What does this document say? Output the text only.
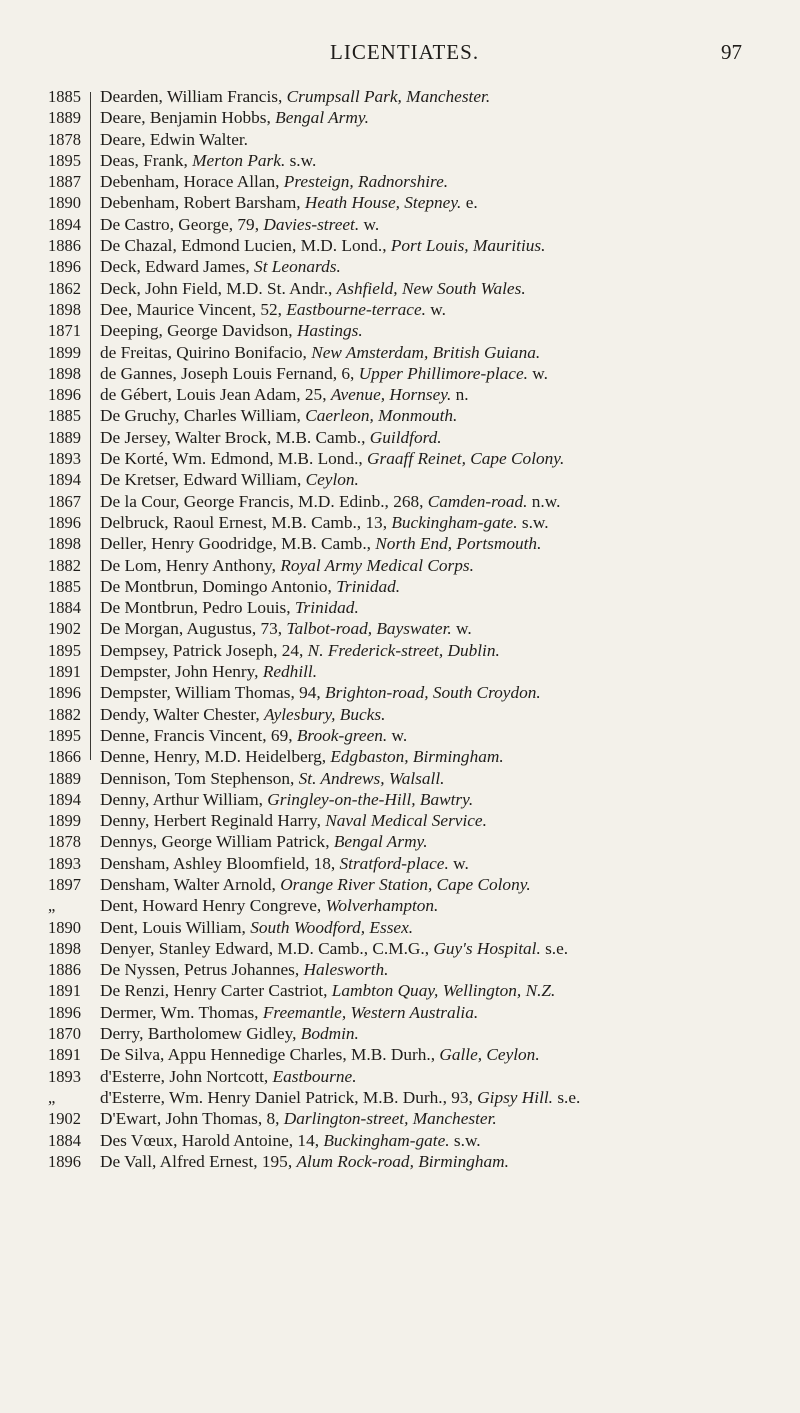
LICENTIATES.	97
1885 Dearden, William Francis, Crumpsall Park, Manchester.
1889 Deare, Benjamin Hobbs, Bengal Army.
1878 Deare, Edwin Walter.
1895 Deas, Frank, Merton Park. s.w.
1887 Debenham, Horace Allan, Presteign, Radnorshire.
1890 Debenham, Robert Barsham, Heath House, Stepney. e.
1894 De Castro, George, 79, Davies-street. w.
1886 De Chazal, Edmond Lucien, M.D. Lond., Port Louis, Mauritius.
1896 Deck, Edward James, St Leonards.
1862 Deck, John Field, M.D. St. Andr., Ashfield, New South Wales.
1898 Dee, Maurice Vincent, 52, Eastbourne-terrace. w.
1871 Deeping, George Davidson, Hastings.
1899 de Freitas, Quirino Bonifacio, New Amsterdam, British Guiana.
1898 de Gannes, Joseph Louis Fernand, 6, Upper Phillimore-place. w.
1896 de Gébert, Louis Jean Adam, 25, Avenue, Hornsey. n.
1885 De Gruchy, Charles William, Caerleon, Monmouth.
1889 De Jersey, Walter Brock, M.B. Camb., Guildford.
1893 De Korté, Wm. Edmond, M.B. Lond., Graaff Reinet, Cape Colony.
1894 De Kretser, Edward William, Ceylon.
1867 De la Cour, George Francis, M.D. Edinb., 268, Camden-road. n.w.
1896 Delbruck, Raoul Ernest, M.B. Camb., 13, Buckingham-gate. s.w.
1898 Deller, Henry Goodridge, M.B. Camb., North End, Portsmouth.
1882 De Lom, Henry Anthony, Royal Army Medical Corps.
1885 De Montbrun, Domingo Antonio, Trinidad.
1884 De Montbrun, Pedro Louis, Trinidad.
1902 De Morgan, Augustus, 73, Talbot-road, Bayswater. w.
1895 Dempsey, Patrick Joseph, 24, N. Frederick-street, Dublin.
1891 Dempster, John Henry, Redhill.
1896 Dempster, William Thomas, 94, Brighton-road, South Croydon.
1882 Dendy, Walter Chester, Aylesbury, Bucks.
1895 Denne, Francis Vincent, 69, Brook-green. w.
1866 Denne, Henry, M.D. Heidelberg, Edgbaston, Birmingham.
1889 Dennison, Tom Stephenson, St. Andrews, Walsall.
1894 Denny, Arthur William, Gringley-on-the-Hill, Bawtry.
1899 Denny, Herbert Reginald Harry, Naval Medical Service.
1878 Dennys, George William Patrick, Bengal Army.
1893 Densham, Ashley Bloomfield, 18, Stratford-place. w.
1897 Densham, Walter Arnold, Orange River Station, Cape Colony.
„	Dent, Howard Henry Congreve, Wolverhampton.
1890 Dent, Louis William, South Woodford, Essex.
1898 Denyer, Stanley Edward, M.D. Camb., C.M.G., Guy's Hospital. s.e.
1886 De Nyssen, Petrus Johannes, Halesworth.
1891 De Renzi, Henry Carter Castriot, Lambton Quay, Wellington, N.Z.
1896 Dermer, Wm. Thomas, Freemantle, Western Australia.
1870 Derry, Bartholomew Gidley, Bodmin.
1891 De Silva, Appu Hennedige Charles, M.B. Durh., Galle, Ceylon.
1893 d'Esterre, John Nortcott, Eastbourne.
„	d'Esterre, Wm. Henry Daniel Patrick, M.B. Durh., 93, Gipsy Hill. s.e.
1902 D'Ewart, John Thomas, 8, Darlington-street, Manchester.
1884 Des Vœux, Harold Antoine, 14, Buckingham-gate. s.w.
1896 De Vall, Alfred Ernest, 195, Alum Rock-road, Birmingham.
